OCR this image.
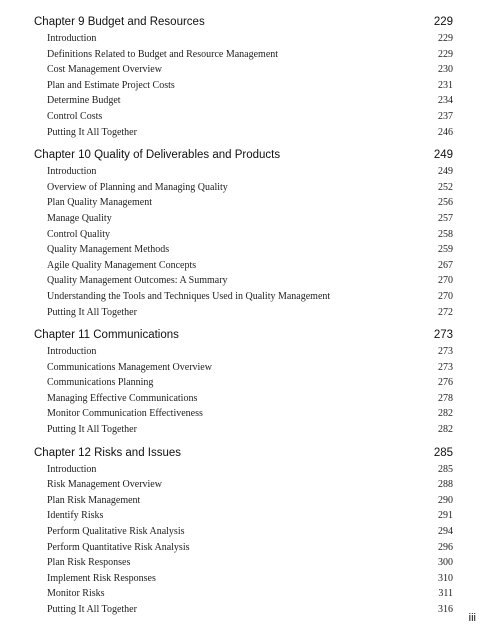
Chapter 9 Budget and Resources	229
Introduction	229
Definitions Related to Budget and Resource Management	229
Cost Management Overview	230
Plan and Estimate Project Costs	231
Determine Budget	234
Control Costs	237
Putting It All Together	246
Chapter 10 Quality of Deliverables and Products	249
Introduction	249
Overview of Planning and Managing Quality	252
Plan Quality Management	256
Manage Quality	257
Control Quality	258
Quality Management Methods	259
Agile Quality Management Concepts	267
Quality Management Outcomes: A Summary	270
Understanding the Tools and Techniques Used in Quality Management	270
Putting It All Together	272
Chapter 11 Communications	273
Introduction	273
Communications Management Overview	273
Communications Planning	276
Managing Effective Communications	278
Monitor Communication Effectiveness	282
Putting It All Together	282
Chapter 12 Risks and Issues	285
Introduction	285
Risk Management Overview	288
Plan Risk Management	290
Identify Risks	291
Perform Qualitative Risk Analysis	294
Perform Quantitative Risk Analysis	296
Plan Risk Responses	300
Implement Risk Responses	310
Monitor Risks	311
Putting It All Together	316
iii
